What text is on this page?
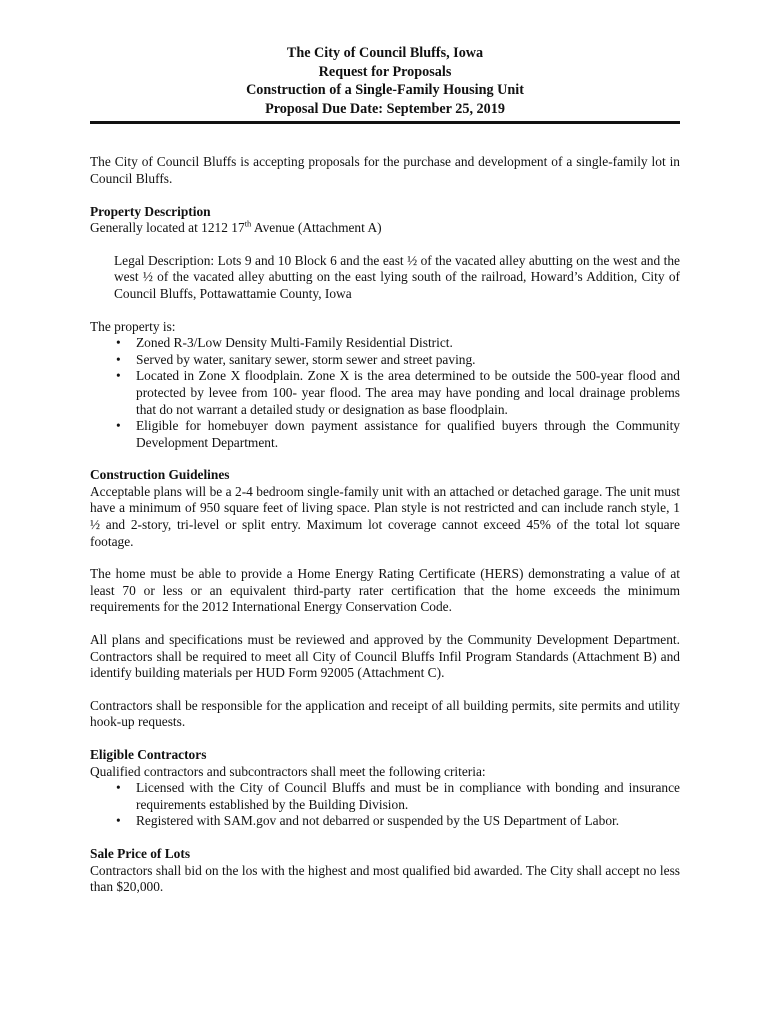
The City of Council Bluffs, Iowa
Request for Proposals
Construction of a Single-Family Housing Unit
Proposal Due Date: September 25, 2019

The City of Council Bluffs is accepting proposals for the purchase and development of a single-family lot in Council Bluffs.

Property Description

Generally located at 1212 17th Avenue (Attachment A)

Legal Description: Lots 9 and 10 Block 6 and the east ½ of the vacated alley abutting on the west and the west ½ of the vacated alley abutting on the east lying south of the railroad, Howard’s Addition, City of Council Bluffs, Pottawattamie County, Iowa

The property is:

• Zoned R-3/Low Density Multi-Family Residential District.
• Served by water, sanitary sewer, storm sewer and street paving.
• Located in Zone X floodplain. Zone X is the area determined to be outside the 500-year flood and protected by levee from 100- year flood. The area may have ponding and local drainage problems that do not warrant a detailed study or designation as base floodplain.
• Eligible for homebuyer down payment assistance for qualified buyers through the Community Development Department.
Construction Guidelines

Acceptable plans will be a 2-4 bedroom single-family unit with an attached or detached garage. The unit must have a minimum of 950 square feet of living space. Plan style is not restricted and can include ranch style, 1 ½ and 2-story, tri-level or split entry. Maximum lot coverage cannot exceed 45% of the total lot square footage.

The home must be able to provide a Home Energy Rating Certificate (HERS) demonstrating a value of at least 70 or less or an equivalent third-party rater certification that the home exceeds the minimum requirements for the 2012 International Energy Conservation Code.

All plans and specifications must be reviewed and approved by the Community Development Department. Contractors shall be required to meet all City of Council Bluffs Infil Program Standards (Attachment B) and identify building materials per HUD Form 92005 (Attachment C).

Contractors shall be responsible for the application and receipt of all building permits, site permits and utility hook-up requests.

Eligible Contractors

Qualified contractors and subcontractors shall meet the following criteria:

• Licensed with the City of Council Bluffs and must be in compliance with bonding and insurance requirements established by the Building Division.
• Registered with SAM.gov and not debarred or suspended by the US Department of Labor.
Sale Price of Lots

Contractors shall bid on the los with the highest and most qualified bid awarded. The City shall accept no less than $20,000.
